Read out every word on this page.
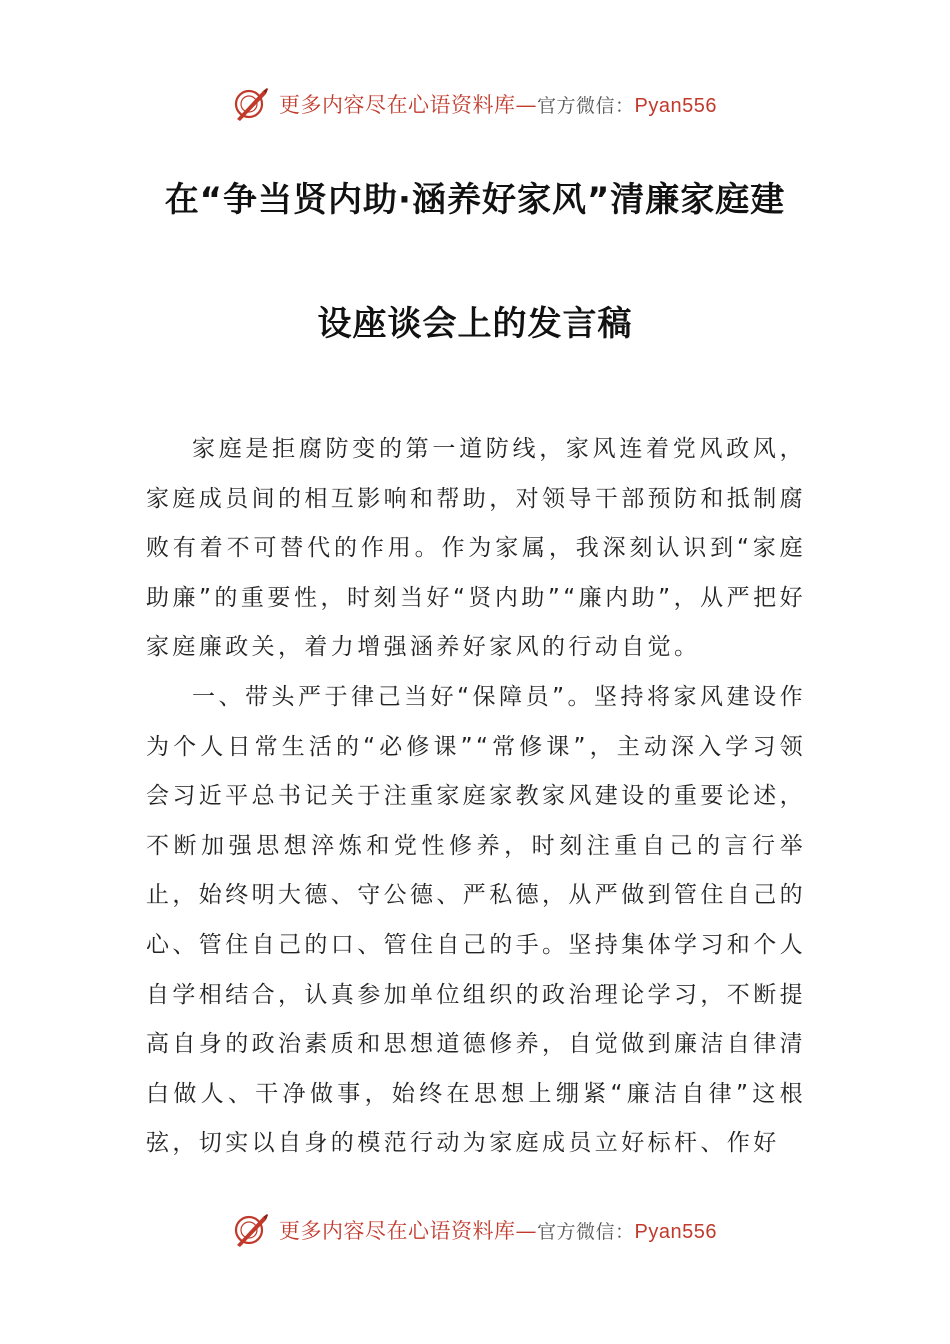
更多内容尽在心语资料库—官方微信：Pyan556
在“争当贤内助·涵养好家风”清廉家庭建
设座谈会上的发言稿

家庭是拒腐防变的第一道防线，家风连着党风政风，家庭成员间的相互影响和帮助，对领导干部预防和抵制腐败有着不可替代的作用。作为家属，我深刻认识到“家庭助廉”的重要性，时刻当好“贤内助”“廉内助”，从严把好家庭廉政关，着力增强涵养好家风的行动自觉。

一、带头严于律己当好“保障员”。坚持将家风建设作为个人日常生活的“必修课”“常修课”，主动深入学习领会习近平总书记关于注重家庭家教家风建设的重要论述，不断加强思想淬炼和党性修养，时刻注重自己的言行举止，始终明大德、守公德、严私德，从严做到管住自己的心、管住自己的口、管住自己的手。坚持集体学习和个人自学相结合，认真参加单位组织的政治理论学习，不断提高自身的政治素质和思想道德修养，自觉做到廉洁自律清白做人、干净做事，始终在思想上绷紧“廉洁自律”这根弦，切实以自身的模范行动为家庭成员立好标杆、作好

更多内容尽在心语资料库—官方微信：Pyan556
